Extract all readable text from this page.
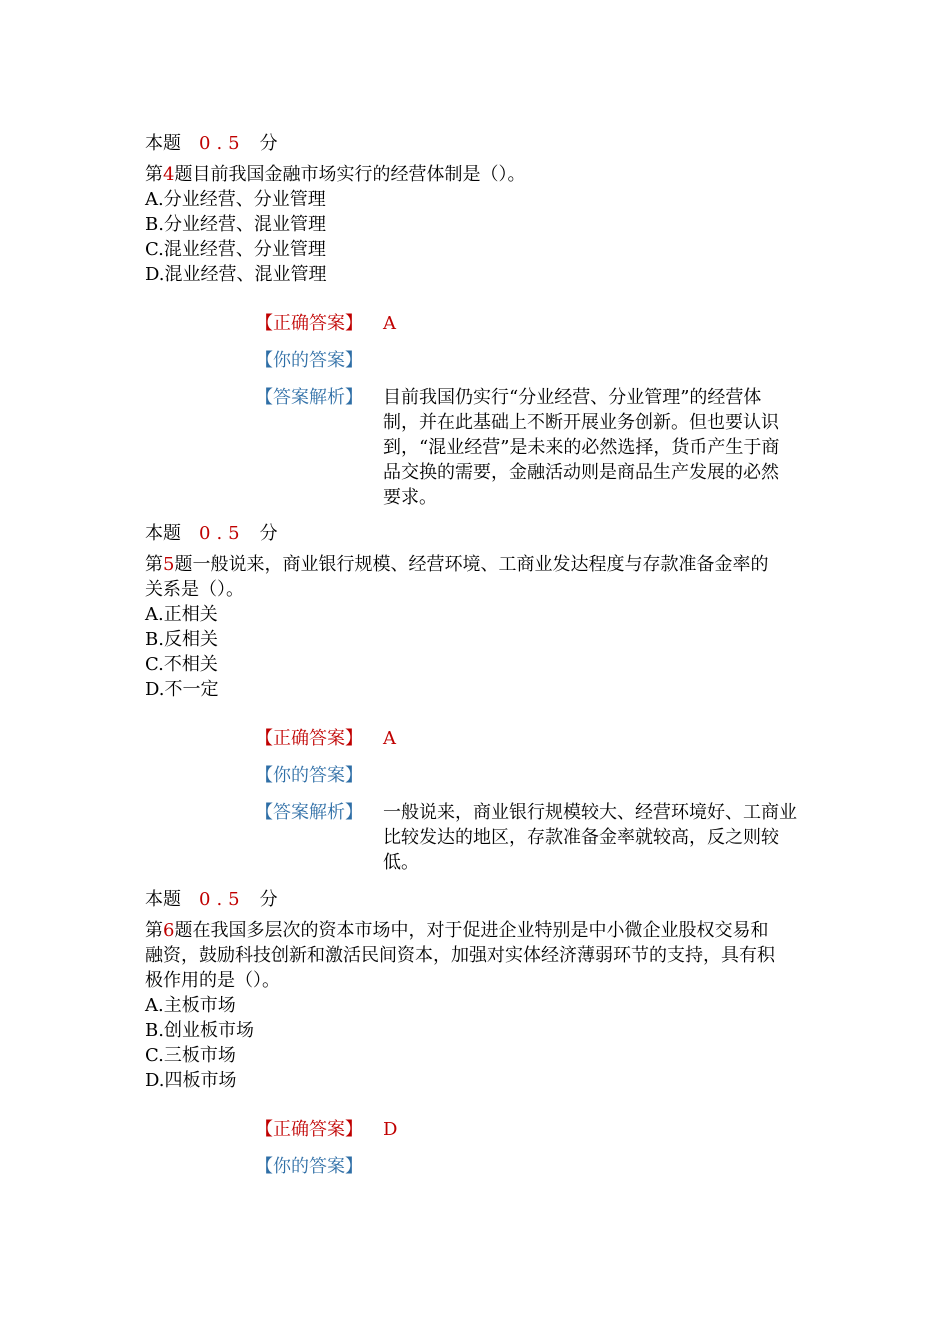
本题 0.5 分
第4题目前我国金融市场实行的经营体制是（）。
A.分业经营、分业管理
B.分业经营、混业管理
C.混业经营、分业管理
D.混业经营、混业管理
【正确答案】 A
【你的答案】
【答案解析】 目前我国仍实行“分业经营、分业管理”的经营体
制，并在此基础上不断开展业务创新。但也要认识
到，“混业经营”是未来的必然选择，货币产生于商
品交换的需要，金融活动则是商品生产发展的必然
要求。
本题 0.5 分
第5题一般说来，商业银行规模、经营环境、工商业发达程度与存款准备金率的
关系是（）。
A.正相关
B.反相关
C.不相关
D.不一定
【正确答案】 A
【你的答案】
【答案解析】 一般说来，商业银行规模较大、经营环境好、工商业
比较发达的地区，存款准备金率就较高，反之则较
低。
本题 0.5 分
第6题在我国多层次的资本市场中，对于促进企业特别是中小微企业股权交易和
融资，鼓励科技创新和激活民间资本，加强对实体经济薄弱环节的支持，具有积
极作用的是（）。
A.主板市场
B.创业板市场
C.三板市场
D.四板市场
【正确答案】 D
【你的答案】
